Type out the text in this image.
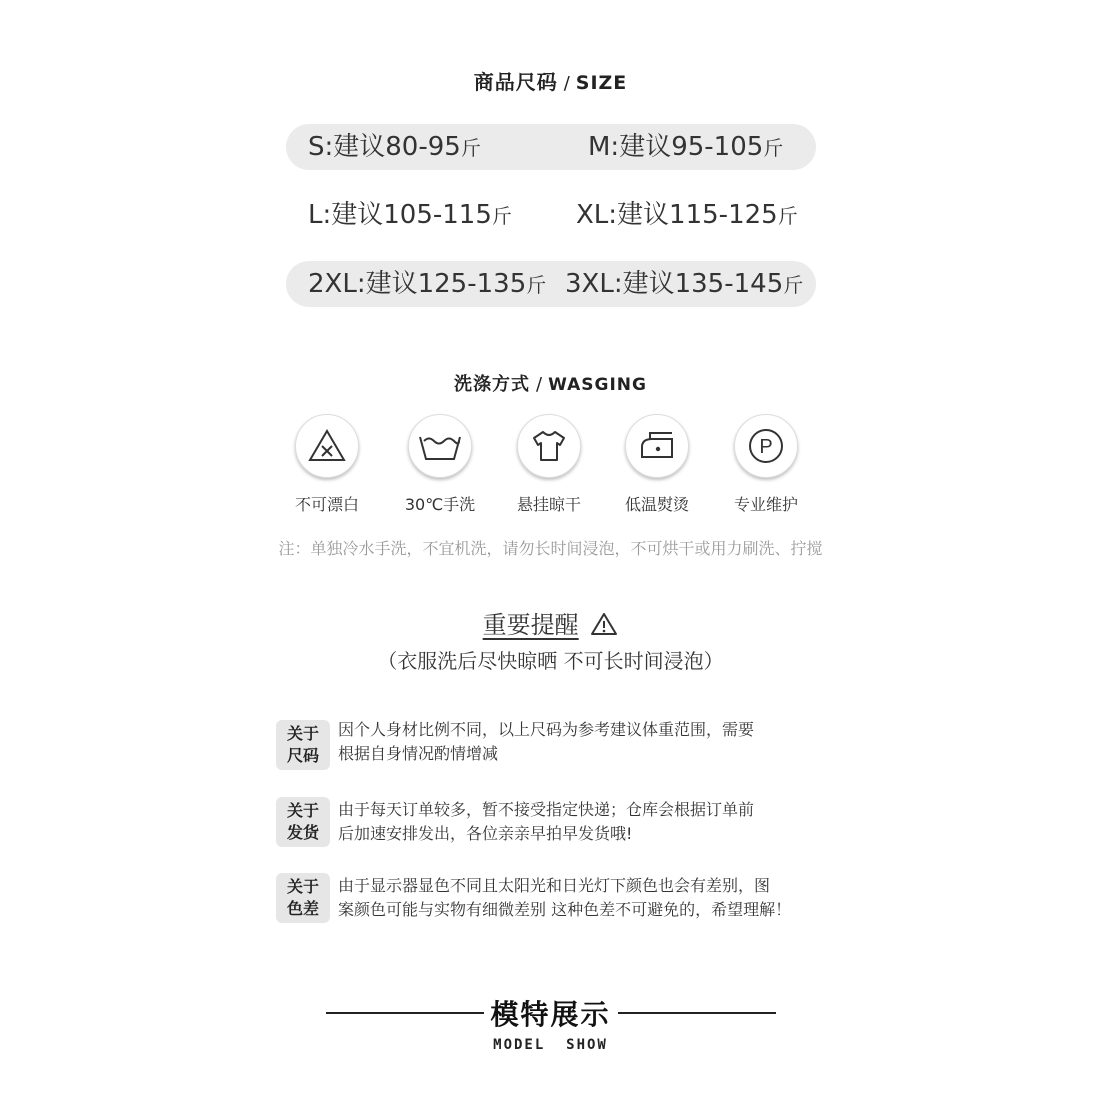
商品尺码 / SIZE
S:建议80-95斤	M:建议95-105斤
L:建议105-115斤 XL:建议115-125斤
2XL:建议125-135斤 3XL:建议135-145斤
洗涤方式 / WASGING
不可漂白	30℃手洗	悬挂晾干	低温熨烫
P
专业维护
注：单独冷水手洗，不宜机洗，请勿长时间浸泡，不可烘干或用力刷洗、拧搅
重要提醒
（衣服洗后尽快晾晒 不可长时间浸泡）
关于
尺码
因个人身材比例不同，以上尺码为参考建议体重范围，需要
根据自身情况酌情增减
关于
发货
由于每天订单较多，暂不接受指定快递；仓库会根据订单前
后加速安排发出，各位亲亲早拍早发货哦!
关于
色差
由于显示器显色不同且太阳光和日光灯下颜色也会有差别，图
案颜色可能与实物有细微差别 这种色差不可避免的，希望理解！
模特展示
MODEL  SHOW
